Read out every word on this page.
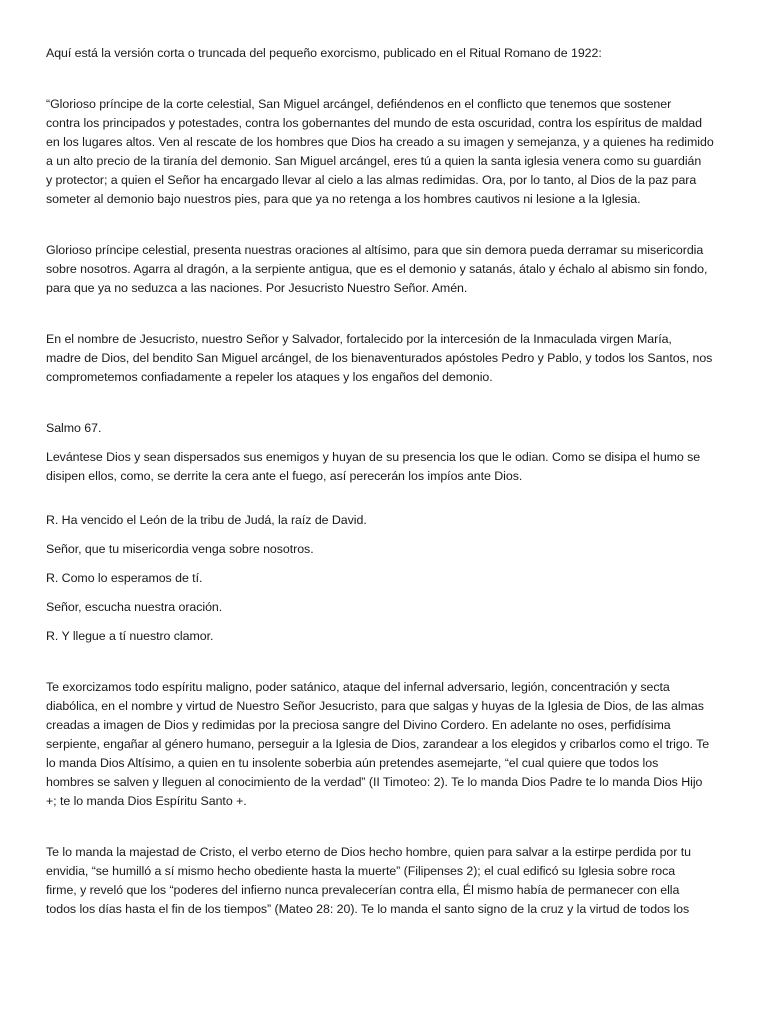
Aquí está la versión corta o truncada del pequeño exorcismo, publicado en el Ritual Romano de 1922:

“Glorioso príncipe de la corte celestial, San Miguel arcángel, defiéndenos en el conflicto que tenemos que sostener
contra los principados y potestades, contra los gobernantes del mundo de esta oscuridad, contra los espíritus de maldad
en los lugares altos. Ven al rescate de los hombres que Dios ha creado a su imagen y semejanza, y a quienes ha redimido
a un alto precio de la tiranía del demonio. San Miguel arcángel, eres tú a quien la santa iglesia venera como su guardián
y protector; a quien el Señor ha encargado llevar al cielo a las almas redimidas. Ora, por lo tanto, al Dios de la paz para
someter al demonio bajo nuestros pies, para que ya no retenga a los hombres cautivos ni lesione a la Iglesia.

Glorioso príncipe celestial, presenta nuestras oraciones al altísimo, para que sin demora pueda derramar su misericordia
sobre nosotros. Agarra al dragón, a la serpiente antigua, que es el demonio y satanás, átalo y échalo al abismo sin fondo,
para que ya no seduzca a las naciones. Por Jesucristo Nuestro Señor. Amén.

En el nombre de Jesucristo, nuestro Señor y Salvador, fortalecido por la intercesión de la Inmaculada virgen María,
madre de Dios, del bendito San Miguel arcángel, de los bienaventurados apóstoles Pedro y Pablo, y todos los Santos, nos
comprometemos confiadamente a repeler los ataques y los engaños del demonio.

Salmo 67.

Levántese Dios y sean dispersados sus enemigos y huyan de su presencia los que le odian. Como se disipa el humo se
disipen ellos, como, se derrite la cera ante el fuego, así perecerán los impíos ante Dios.

R. Ha vencido el León de la tribu de Judá, la raíz de David.

Señor, que tu misericordia venga sobre nosotros.

R. Como lo esperamos de tí.

Señor, escucha nuestra oración.

R. Y llegue a tí nuestro clamor.

Te exorcizamos todo espíritu maligno, poder satánico, ataque del infernal adversario, legión, concentración y secta
diabólica, en el nombre y virtud de Nuestro Señor Jesucristo, para que salgas y huyas de la Iglesia de Dios, de las almas
creadas a imagen de Dios y redimidas por la preciosa sangre del Divino Cordero. En adelante no oses, perfidísima
serpiente, engañar al género humano, perseguir a la Iglesia de Dios, zarandear a los elegidos y cribarlos como el trigo. Te
lo manda Dios Altísimo, a quien en tu insolente soberbia aún pretendes asemejarte, “el cual quiere que todos los
hombres se salven y lleguen al conocimiento de la verdad” (II Timoteo: 2). Te lo manda Dios Padre te lo manda Dios Hijo
+; te lo manda Dios Espíritu Santo +.

Te lo manda la majestad de Cristo, el verbo eterno de Dios hecho hombre, quien para salvar a la estirpe perdida por tu
envidia, “se humilló a sí mismo hecho obediente hasta la muerte” (Filipenses 2); el cual edificó su Iglesia sobre roca
firme, y reveló que los “poderes del infierno nunca prevalecerían contra ella, Él mismo había de permanecer con ella
todos los días hasta el fin de los tiempos” (Mateo 28: 20). Te lo manda el santo signo de la cruz y la virtud de todos los
